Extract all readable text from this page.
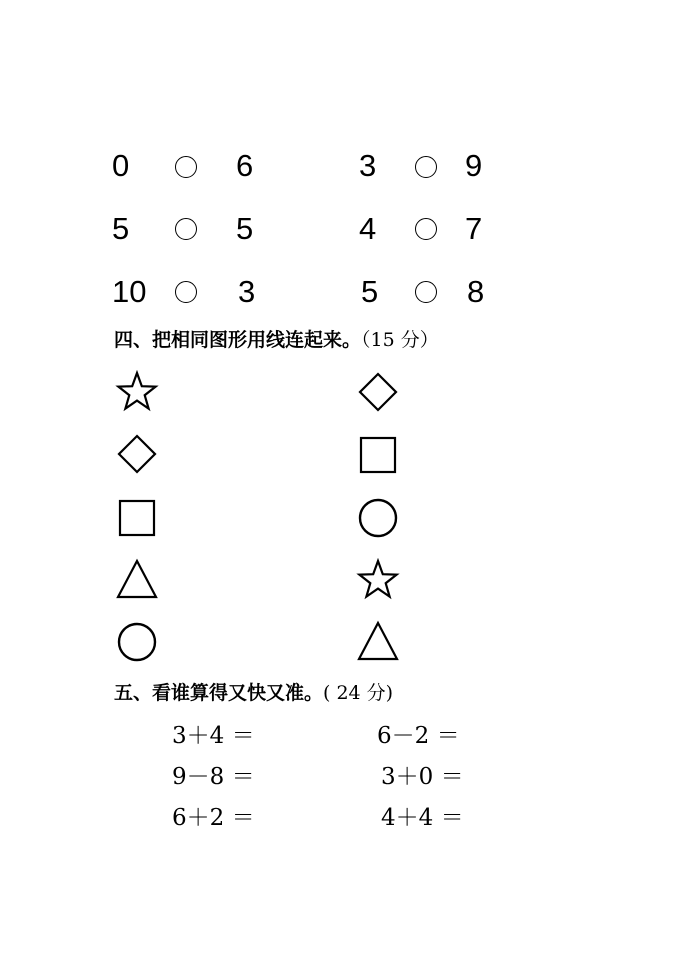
0	6	3	9
5	5	4	7
10	3	5	8
四、把相同图形用线连起来。（15 分）
五、看谁算得又快又准。( 24 分)
3＋4 ＝	6－2 ＝
9－8 ＝	3＋0 ＝
6＋2 ＝	4＋4 ＝
